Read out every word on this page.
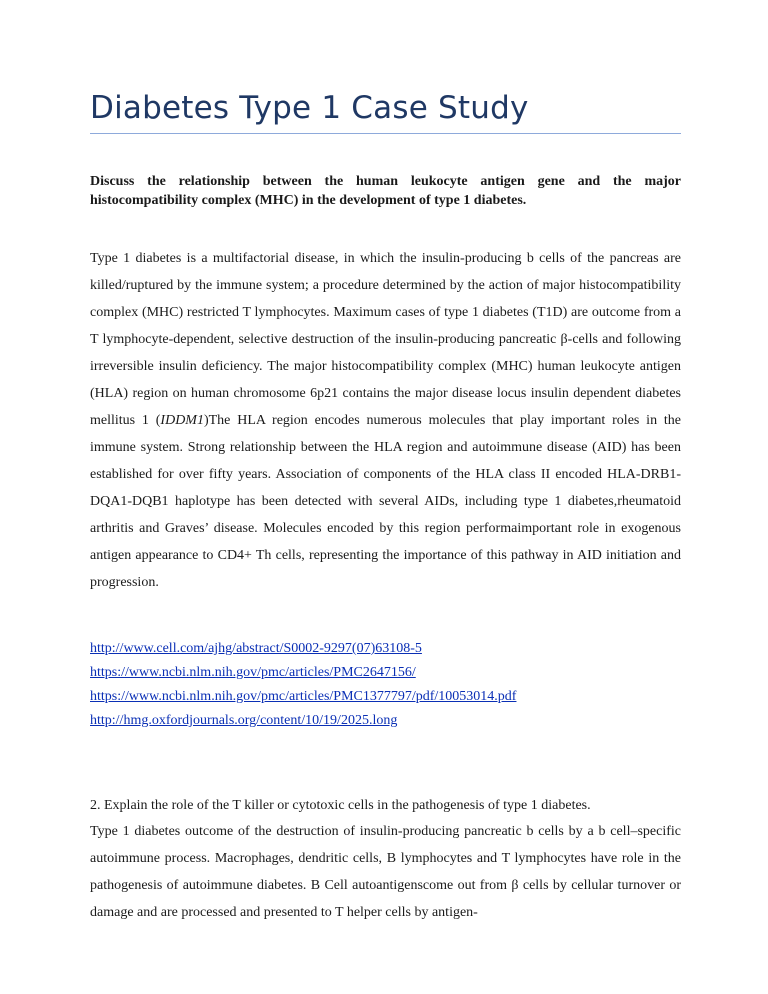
Diabetes Type 1 Case Study
Discuss the relationship between the human leukocyte antigen gene and the major histocompatibility complex (MHC) in the development of type 1 diabetes.

Type 1 diabetes is a multifactorial disease, in which the insulin-producing b cells of the pancreas are killed/ruptured by the immune system; a procedure determined by the action of major histocompatibility complex (MHC) restricted T lymphocytes. Maximum cases of type 1 diabetes (T1D) are outcome from a T lymphocyte-dependent, selective destruction of the insulin-producing pancreatic β-cells and following irreversible insulin deficiency. The major histocompatibility complex (MHC) human leukocyte antigen (HLA) region on human chromosome 6p21 contains the major disease locus insulin dependent diabetes mellitus 1 (IDDM1)The HLA region encodes numerous molecules that play important roles in the immune system. Strong relationship between the HLA region and autoimmune disease (AID) has been established for over fifty years. Association of components of the HLA class II encoded HLA-DRB1-DQA1-DQB1 haplotype has been detected with several AIDs, including type 1 diabetes,rheumatoid arthritis and Graves’ disease. Molecules encoded by this region performaimportant role in exogenous antigen appearance to CD4+ Th cells, representing the importance of this pathway in AID initiation and progression.

http://www.cell.com/ajhg/abstract/S0002-9297(07)63108-5
https://www.ncbi.nlm.nih.gov/pmc/articles/PMC2647156/
https://www.ncbi.nlm.nih.gov/pmc/articles/PMC1377797/pdf/10053014.pdf
http://hmg.oxfordjournals.org/content/10/19/2025.long
2. Explain the role of the T killer or cytotoxic cells in the pathogenesis of type 1 diabetes.

Type 1 diabetes outcome of the destruction of insulin-producing pancreatic b cells by a b cell–specific autoimmune process. Macrophages, dendritic cells, B lymphocytes and T lymphocytes have role in the pathogenesis of autoimmune diabetes. B Cell autoantigenscome out from β cells by cellular turnover or damage and are processed and presented to T helper cells by antigen-
